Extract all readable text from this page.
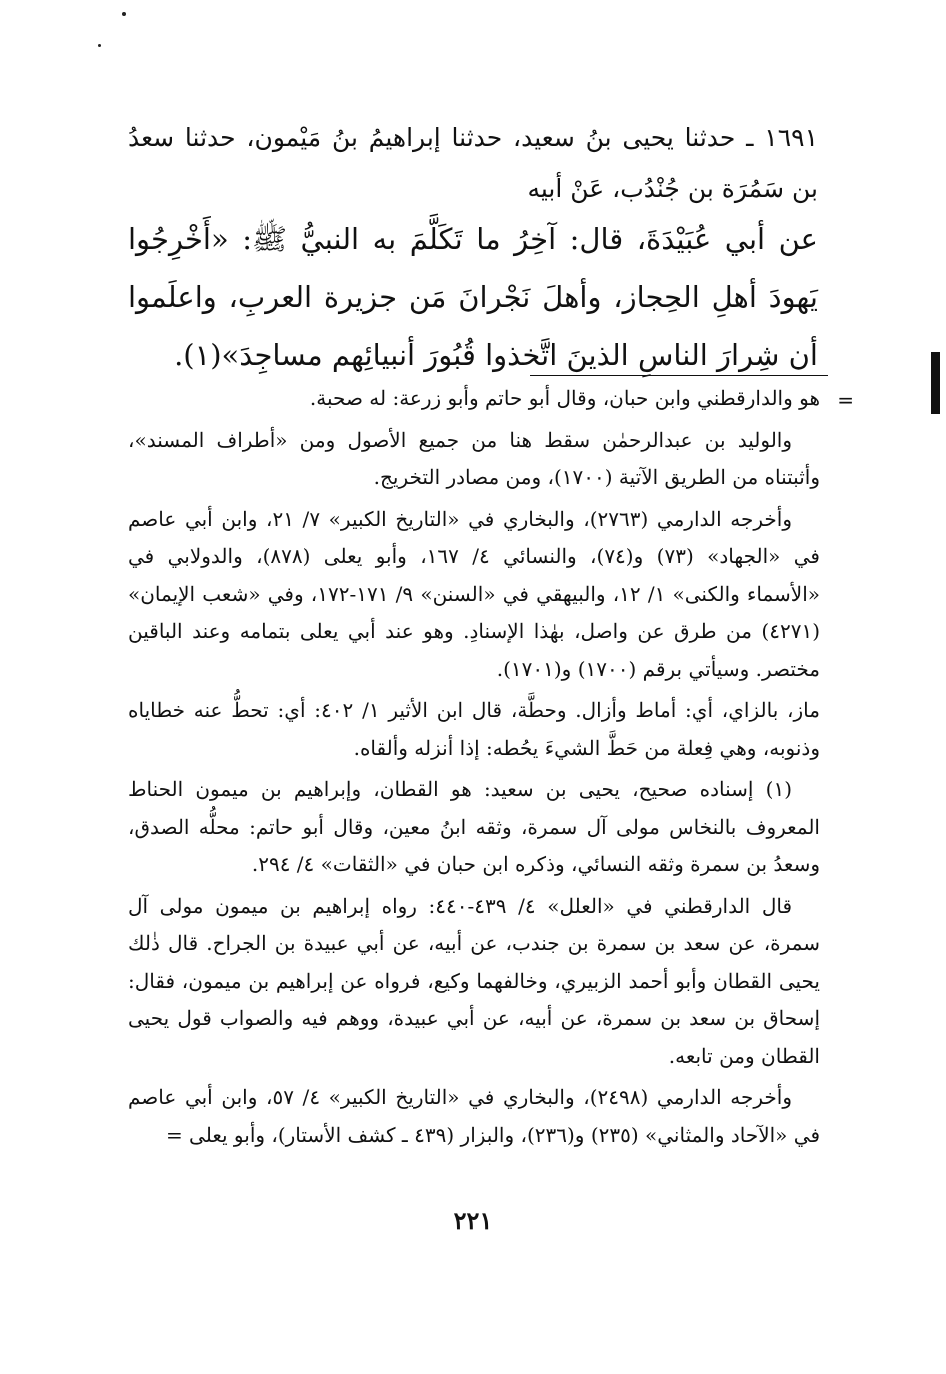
١٦٩١ ـ حدثنا يحيى بنُ سعيد، حدثنا إبراهيمُ بنُ مَيْمون، حدثنا سعدُ بن سَمُرَة بن جُنْدُب، عَنْ أبيه
عن أبي عُبَيْدَةَ، قال: آخِرُ ما تَكَلَّمَ به النبيُّ ﷺ: «أَخْرِجُوا يَهودَ أهلِ الحِجاز، وأهلَ نَجْرانَ مَن جزيرة العربِ، واعلَموا أن شِرارَ الناسِ الذينَ اتَّخذوا قُبُورَ أنبيائِهم مساجِدَ»(١).
=

هو والدارقطني وابن حبان، وقال أبو حاتم وأبو زرعة: له صحبة.

والوليد بن عبدالرحمٰن سقط هنا من جميع الأصول ومن «أطراف المسند»، وأثبتناه من الطريق الآتية (١٧٠٠)، ومن مصادر التخريج.

وأخرجه الدارمي (٢٧٦٣)، والبخاري في «التاريخ الكبير» ٧/ ٢١، وابن أبي عاصم في «الجهاد» (٧٣) و(٧٤)، والنسائي ٤/ ١٦٧، وأبو يعلى (٨٧٨)، والدولابي في «الأسماء والكنى» ١/ ١٢، والبيهقي في «السنن» ٩/ ١٧١-١٧٢، وفي «شعب الإيمان» (٤٢٧١) من طرق عن واصل، بهٰذا الإسنادِ. وهو عند أبي يعلى بتمامه وعند الباقين مختصر. وسيأتي برقم (١٧٠٠) و(١٧٠١).

ماز، بالزاي، أي: أماط وأزال. وحطَّة، قال ابن الأثير ١/ ٤٠٢: أي: تحطُّ عنه خطاياه وذنوبه، وهي فِعلة من حَطَّ الشيءَ يحُطه: إذا أنزله وألقاه.

(١) إسناده صحيح، يحيى بن سعيد: هو القطان، وإبراهيم بن ميمون الحناط المعروف بالنخاس مولى آل سمرة، وثقه ابنُ معين، وقال أبو حاتم: محلُّه الصدق، وسعدُ بن سمرة وثقه النسائي، وذكره ابن حبان في «الثقات» ٤/ ٢٩٤.

قال الدارقطني في «العلل» ٤/ ٤٣٩-٤٤٠: رواه إبراهيم بن ميمون مولى آل سمرة، عن سعد بن سمرة بن جندب، عن أبيه، عن أبي عبيدة بن الجراح. قال ذٰلك يحيى القطان وأبو أحمد الزبيري، وخالفهما وكيع، فرواه عن إبراهيم بن ميمون، فقال: إسحاق بن سعد بن سمرة، عن أبيه، عن أبي عبيدة، ووهم فيه والصواب قول يحيى القطان ومن تابعه.

وأخرجه الدارمي (٢٤٩٨)، والبخاري في «التاريخ الكبير» ٤/ ٥٧، وابن أبي عاصم في «الآحاد والمثاني» (٢٣٥) و(٢٣٦)، والبزار (٤٣٩ ـ كشف الأستار)، وأبو يعلى =

٢٢١
